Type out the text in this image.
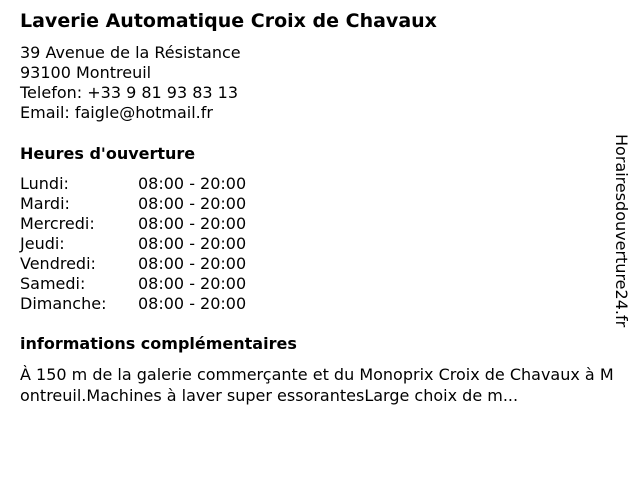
Laverie Automatique Croix de Chavaux
39 Avenue de la Résistance
93100 Montreuil
Telefon: +33 9 81 93 83 13
Email: faigle@hotmail.fr
Heures d'ouverture
Lundi:	08:00 - 20:00
Mardi:	08:00 - 20:00
Mercredi:	08:00 - 20:00
Jeudi:	08:00 - 20:00
Vendredi:	08:00 - 20:00
Samedi:	08:00 - 20:00
Dimanche:	08:00 - 20:00
informations complémentaires
À 150 m de la galerie commerçante et du Monoprix Croix de Chavaux à Montreuil.Machines à laver super essorantesLarge choix de m...
Horairesdouverture24.fr
